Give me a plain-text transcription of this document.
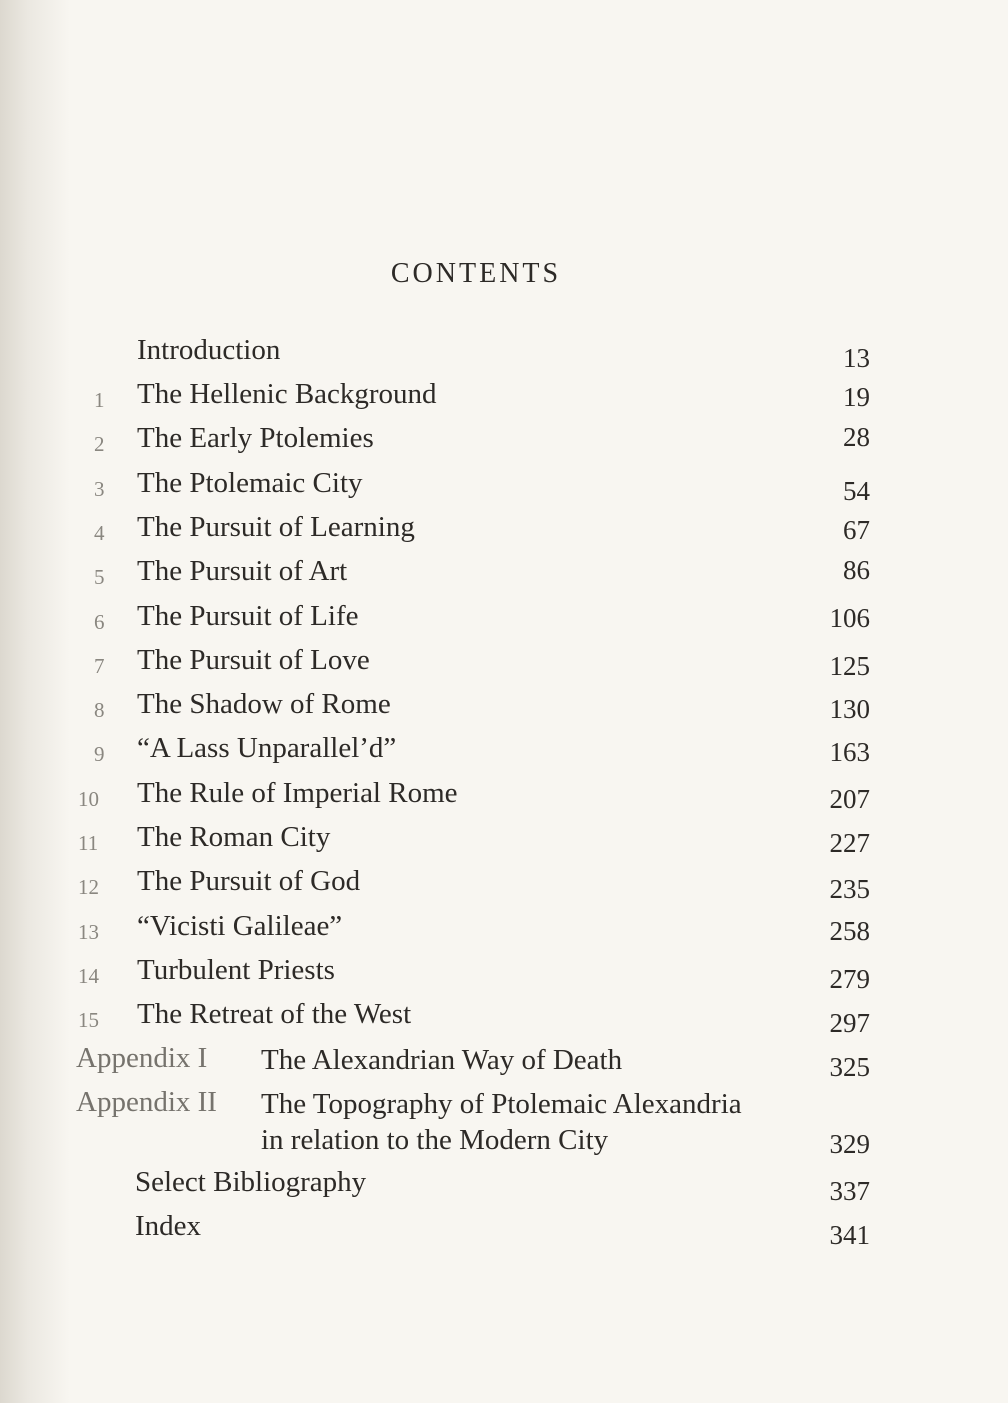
CONTENTS
Introduction	13
1 The Hellenic Background	19
2 The Early Ptolemies	28
3 The Ptolemaic City	54
4 The Pursuit of Learning	67
5 The Pursuit of Art	86
6 The Pursuit of Life	106
7 The Pursuit of Love	125
8 The Shadow of Rome	130
9 “A Lass Unparallel’d”	163
10 The Rule of Imperial Rome	207
11 The Roman City	227
12 The Pursuit of God	235
13 “Vicisti Galileae”	258
14 Turbulent Priests	279
15 The Retreat of the West	297
Appendix I The Alexandrian Way of Death	325
Appendix II The Topography of Ptolemaic Alexandria
in relation to the Modern City	329
Select Bibliography	337
Index	341
